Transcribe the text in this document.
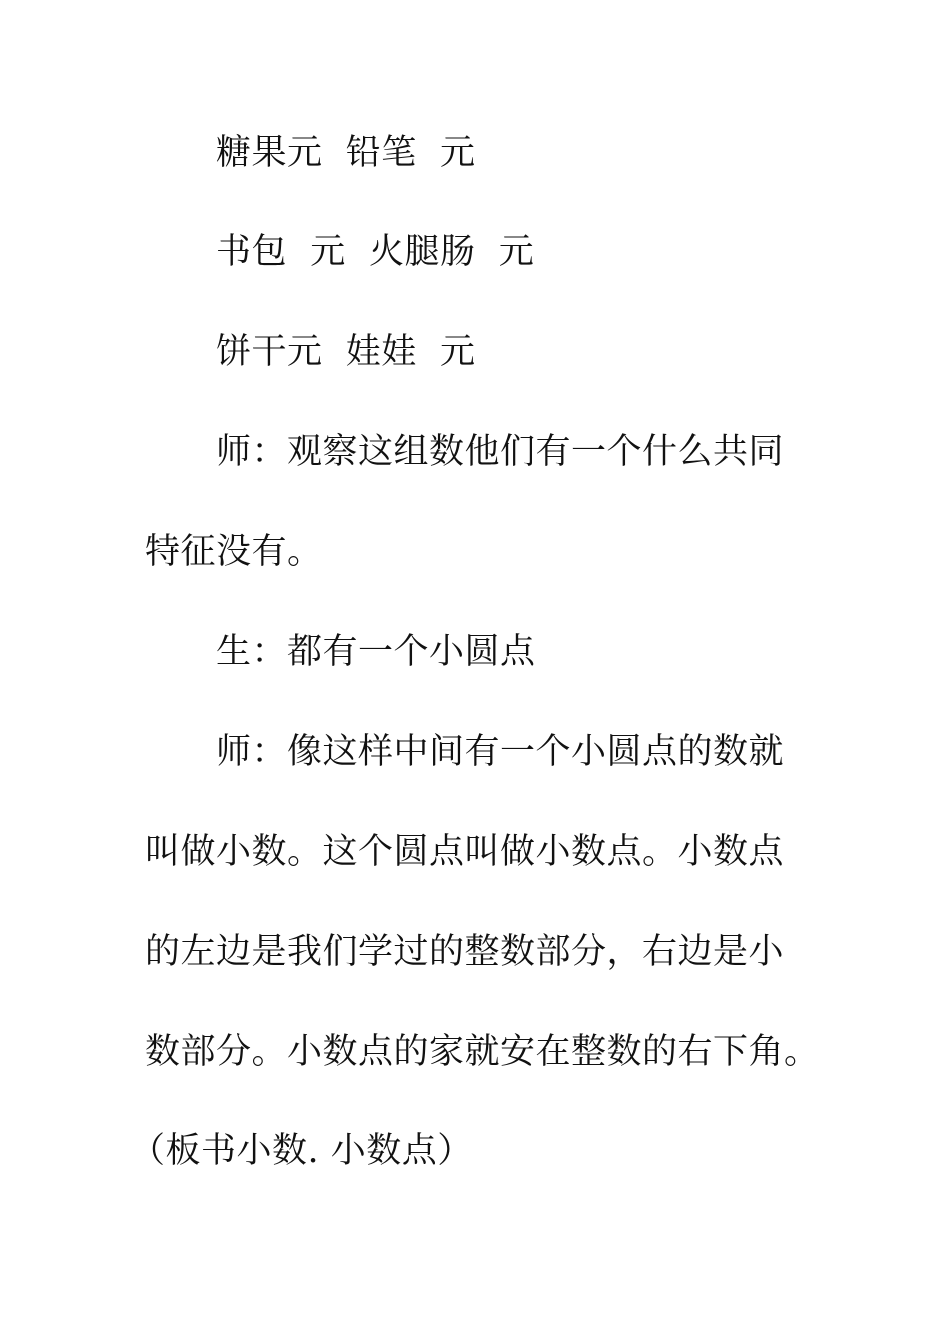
糖果元  铅笔  元
书包  元  火腿肠  元
饼干元  娃娃  元
师：观察这组数他们有一个什么共同
特征没有。
生：都有一个小圆点
师：像这样中间有一个小圆点的数就
叫做小数。这个圆点叫做小数点。小数点
的左边是我们学过的整数部分，右边是小
数部分。小数点的家就安在整数的右下角。
（板书小数. 小数点）
